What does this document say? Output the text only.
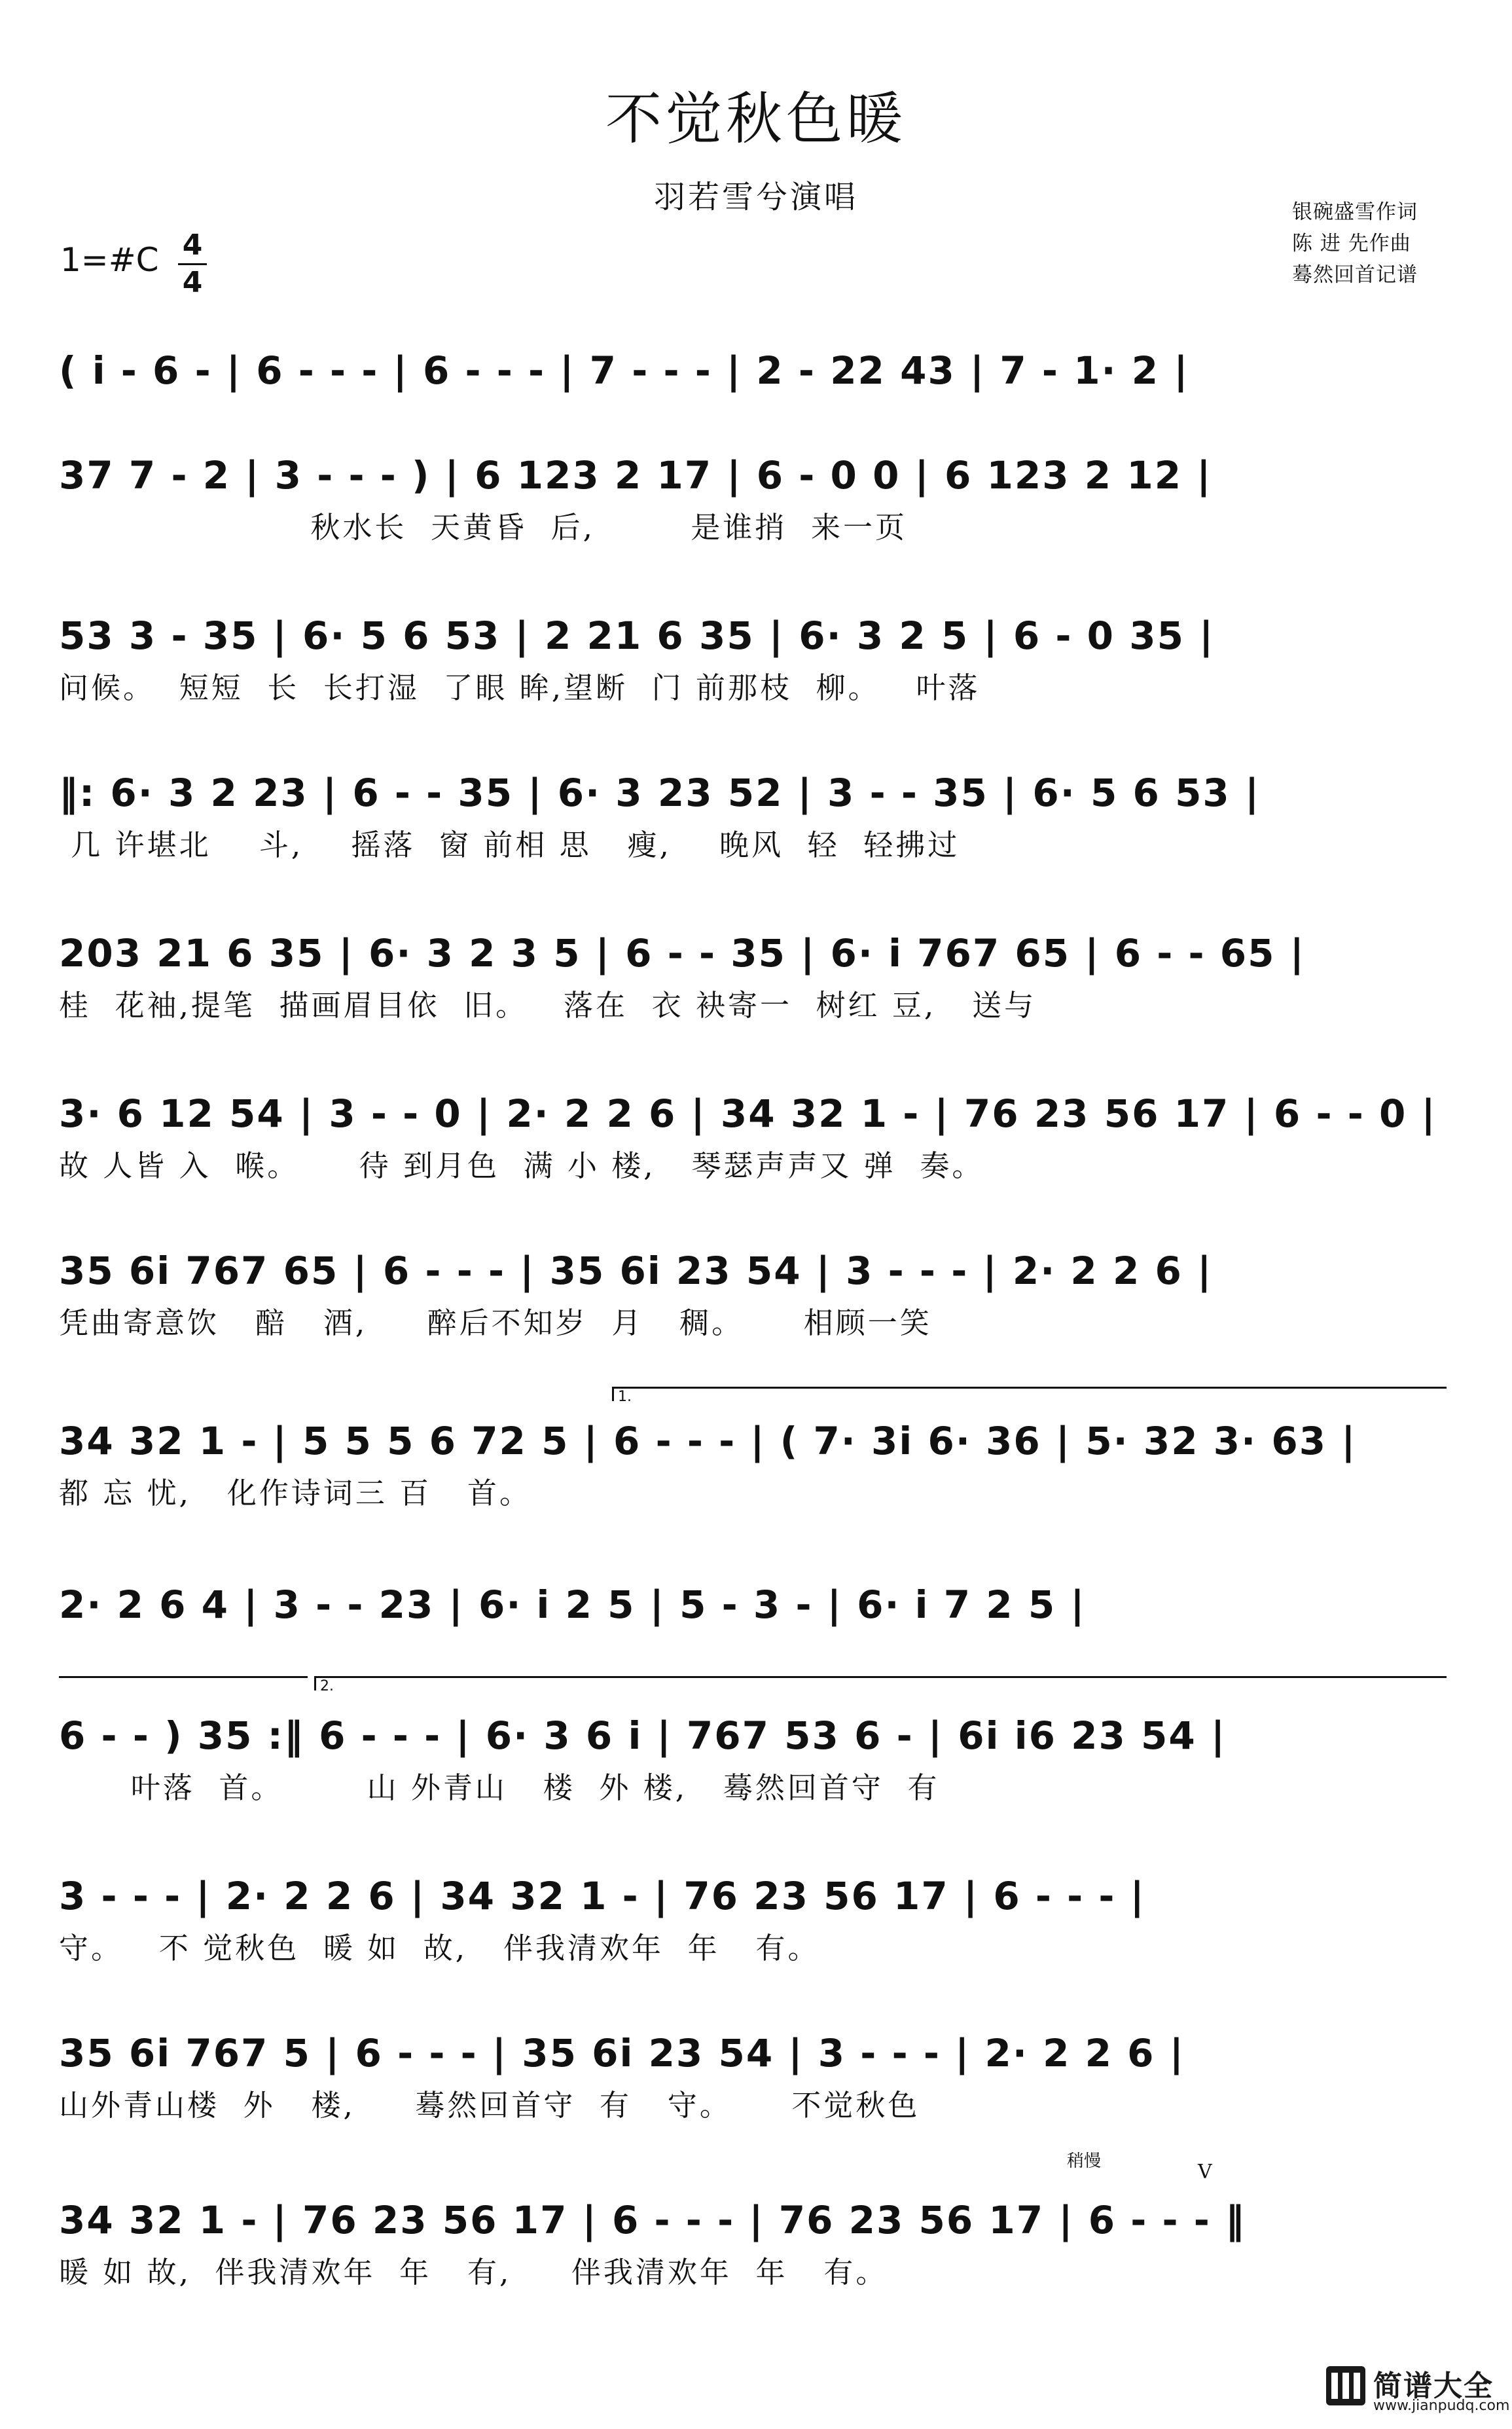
不觉秋色暖
羽若雪兮演唱	银碗盛雪作词
陈 进 先作曲
蓦然回首记谱
1=#C 4
4
( i - 6 - | 6 - - - | 6 - - - | 7 - - - | 2 - 22 43 | 7 - 1· 2 |
37 7 - 2 | 3 - - - ) | 6 123 2 17 | 6 - 0 0 | 6 123 2 12 |
秋水长  天黄昏  后,        是谁捎  来一页
53 3 - 35 | 6· 5 6 53 | 2 21 6 35 | 6· 3 2 5 | 6 - 0 35 |
问候。  短短  长  长打湿  了眼 眸,望断  门 前那枝  柳。   叶落
‖: 6· 3 2 23 | 6 - - 35 | 6· 3 23 52 | 3 - - 35 | 6· 5 6 53 |
几 许堪北    斗,    摇落  窗 前相 思   瘦,    晚风  轻  轻拂过
203 21 6 35 | 6· 3 2 3 5 | 6 - - 35 | 6· i 767 65 | 6 - - 65 |
桂  花袖,提笔  描画眉目依  旧。   落在  衣 袂寄一  树红 豆,   送与
3· 6 12 54 | 3 - - 0 | 2· 2 2 6 | 34 32 1 - | 76 23 56 17 | 6 - - 0 |
故 人皆 入  喉。     待 到月色  满 小 楼,   琴瑟声声又 弹  奏。
35 6i 767 65 | 6 - - - | 35 6i 23 54 | 3 - - - | 2· 2 2 6 |
凭曲寄意饮   醅   酒,     醉后不知岁  月   稠。     相顾一笑
1.
34 32 1 - | 5 5 5 6 72 5 | 6 - - - | ( 7· 3i 6· 36 | 5· 32 3· 63 |
都 忘 忧,   化作诗词三 百   首。
2· 2 6 4 | 3 - - 23 | 6· i 2 5 | 5 - 3 - | 6· i 7 2 5 |
2.
6 - - ) 35 :‖ 6 - - - | 6· 3 6 i | 767 53 6 - | 6i i6 23 54 |
叶落  首。       山 外青山   楼  外 楼,   蓦然回首守  有
3 - - - | 2· 2 2 6 | 34 32 1 - | 76 23 56 17 | 6 - - - |
守。   不 觉秋色  暖 如  故,   伴我清欢年  年   有。
35 6i 767 5 | 6 - - - | 35 6i 23 54 | 3 - - - | 2· 2 2 6 |
山外青山楼  外   楼,     蓦然回首守  有   守。     不觉秋色
稍慢	V
34 32 1 - | 76 23 56 17 | 6 - - - | 76 23 56 17 | 6 - - - ‖
暖 如 故,  伴我清欢年  年   有,     伴我清欢年  年   有。
简谱大全
www.jianpudq.com
